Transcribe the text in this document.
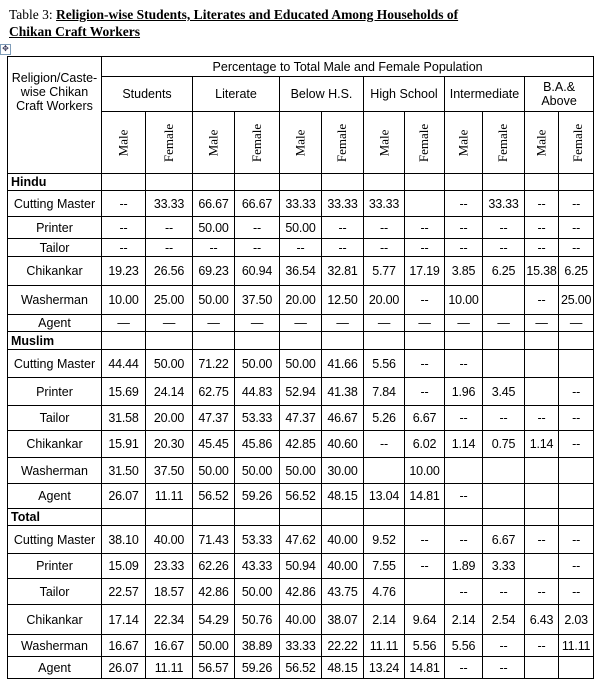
Table 3: Religion-wise Students, Literates and Educated Among Households of
Chikan Craft Workers
✥
Religion/Caste-wise Chikan Craft Workers	Percentage to Total Male and Female Population											
	Students		Literate		Below H.S.		High School		Intermediate		B.A.& Above	
	Male	Female	Male	Female	Male	Female	Male	Female	Male	Female	Male	Female
Hindu												
Cutting Master	--	33.33	66.67	66.67	33.33	33.33	33.33		--	33.33	--	--
Printer	--	--	50.00	--	50.00	--	--	--	--	--	--	--
Tailor	--	--	--	--	--	--	--	--	--	--	--	--
Chikankar	19.23	26.56	69.23	60.94	36.54	32.81	5.77	17.19	3.85	6.25	15.38	6.25
Washerman	10.00	25.00	50.00	37.50	20.00	12.50	20.00	--	10.00		--	25.00
Agent	—	—	—	—	—	—	—	—	—	—	—	—
Muslim												
Cutting Master	44.44	50.00	71.22	50.00	50.00	41.66	5.56	--	--			
Printer	15.69	24.14	62.75	44.83	52.94	41.38	7.84	--	1.96	3.45		--
Tailor	31.58	20.00	47.37	53.33	47.37	46.67	5.26	6.67	--	--	--	--
Chikankar	15.91	20.30	45.45	45.86	42.85	40.60	--	6.02	1.14	0.75	1.14	--
Washerman	31.50	37.50	50.00	50.00	50.00	30.00		10.00				
Agent	26.07	11.11	56.52	59.26	56.52	48.15	13.04	14.81	--			
Total												
Cutting Master	38.10	40.00	71.43	53.33	47.62	40.00	9.52	--	--	6.67	--	--
Printer	15.09	23.33	62.26	43.33	50.94	40.00	7.55	--	1.89	3.33		--
Tailor	22.57	18.57	42.86	50.00	42.86	43.75	4.76		--	--	--	--
Chikankar	17.14	22.34	54.29	50.76	40.00	38.07	2.14	9.64	2.14	2.54	6.43	2.03
Washerman	16.67	16.67	50.00	38.89	33.33	22.22	11.11	5.56	5.56	--	--	11.11
Agent	26.07	11.11	56.57	59.26	56.52	48.15	13.24	14.81	--	--		
